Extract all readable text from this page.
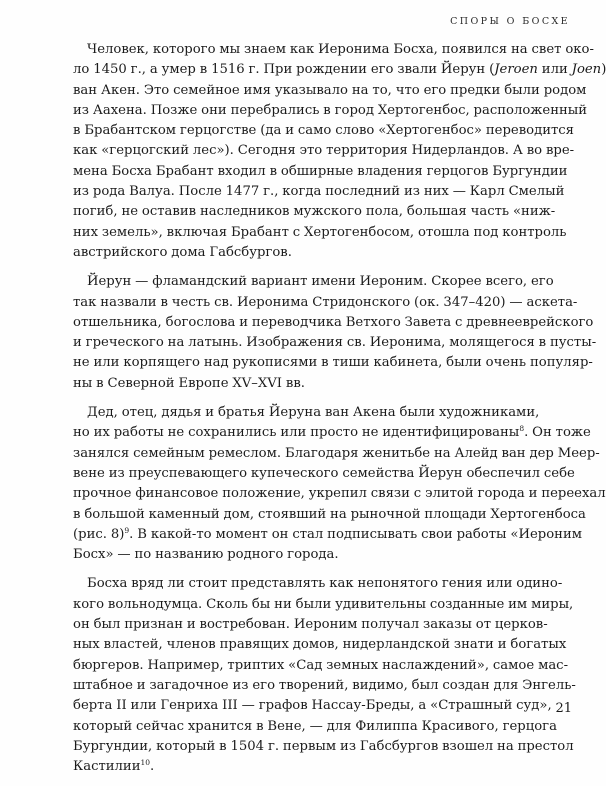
СПОРЫ О БОСХЕ
Человек, которого мы знаем как Иеронима Босха, появился на свет око-
ло 1450 г., а умер в 1516 г. При рождении его звали Йерун (Jeroen или Joen)
ван Акен. Это семейное имя указывало на то, что его предки были родом
из Аахена. Позже они перебрались в город Хертогенбос, расположенный
в Брабантском герцогстве (да и само слово «Хертогенбос» переводится
как «герцогский лес»). Сегодня это территория Нидерландов. А во вре-
мена Босха Брабант входил в обширные владения герцогов Бургундии
из рода Валуа. После 1477 г., когда последний из них — Карл Смелый
погиб, не оставив наследников мужского пола, большая часть «ниж-
них земель», включая Брабант с Хертогенбосом, отошла под контроль
австрийского дома Габсбургов.
Йерун — фламандский вариант имени Иероним. Скорее всего, его
так назвали в честь св. Иеронима Стридонского (ок. 347–420) — аскета-
отшельника, богослова и переводчика Ветхого Завета с древнееврейского
и греческого на латынь. Изображения св. Иеронима, молящегося в пусты-
не или корпящего над рукописями в тиши кабинета, были очень популяр-
ны в Северной Европе XV–XVI вв.
Дед, отец, дядья и братья Йеруна ван Акена были художниками,
но их работы не сохранились или просто не идентифицированы$^8$. Он тоже
занялся семейным ремеслом. Благодаря женитьбе на Алейд ван дер Меер-
вене из преуспевающего купеческого семейства Йерун обеспечил себе
прочное финансовое положение, укрепил связи с элитой города и переехал
в большой каменный дом, стоявший на рыночной площади Хертогенбоса
(рис. 8)$^9$. В какой-то момент он стал подписывать свои работы «Иероним
Босх» — по названию родного города.
Босха вряд ли стоит представлять как непонятого гения или одино-
кого вольнодумца. Сколь бы ни были удивительны созданные им миры,
он был признан и востребован. Иероним получал заказы от церков-
ных властей, членов правящих домов, нидерландской знати и богатых
бюргеров. Например, триптих «Сад земных наслаждений», самое мас-
штабное и загадочное из его творений, видимо, был создан для Энгель-
берта II или Генриха III — графов Нассау-Бреды, а «Страшный суд»,
который сейчас хранится в Вене, — для Филиппа Красивого, герцога
Бургундии, который в 1504 г. первым из Габсбургов взошел на престол
Кастилии$^{10}$.
21
